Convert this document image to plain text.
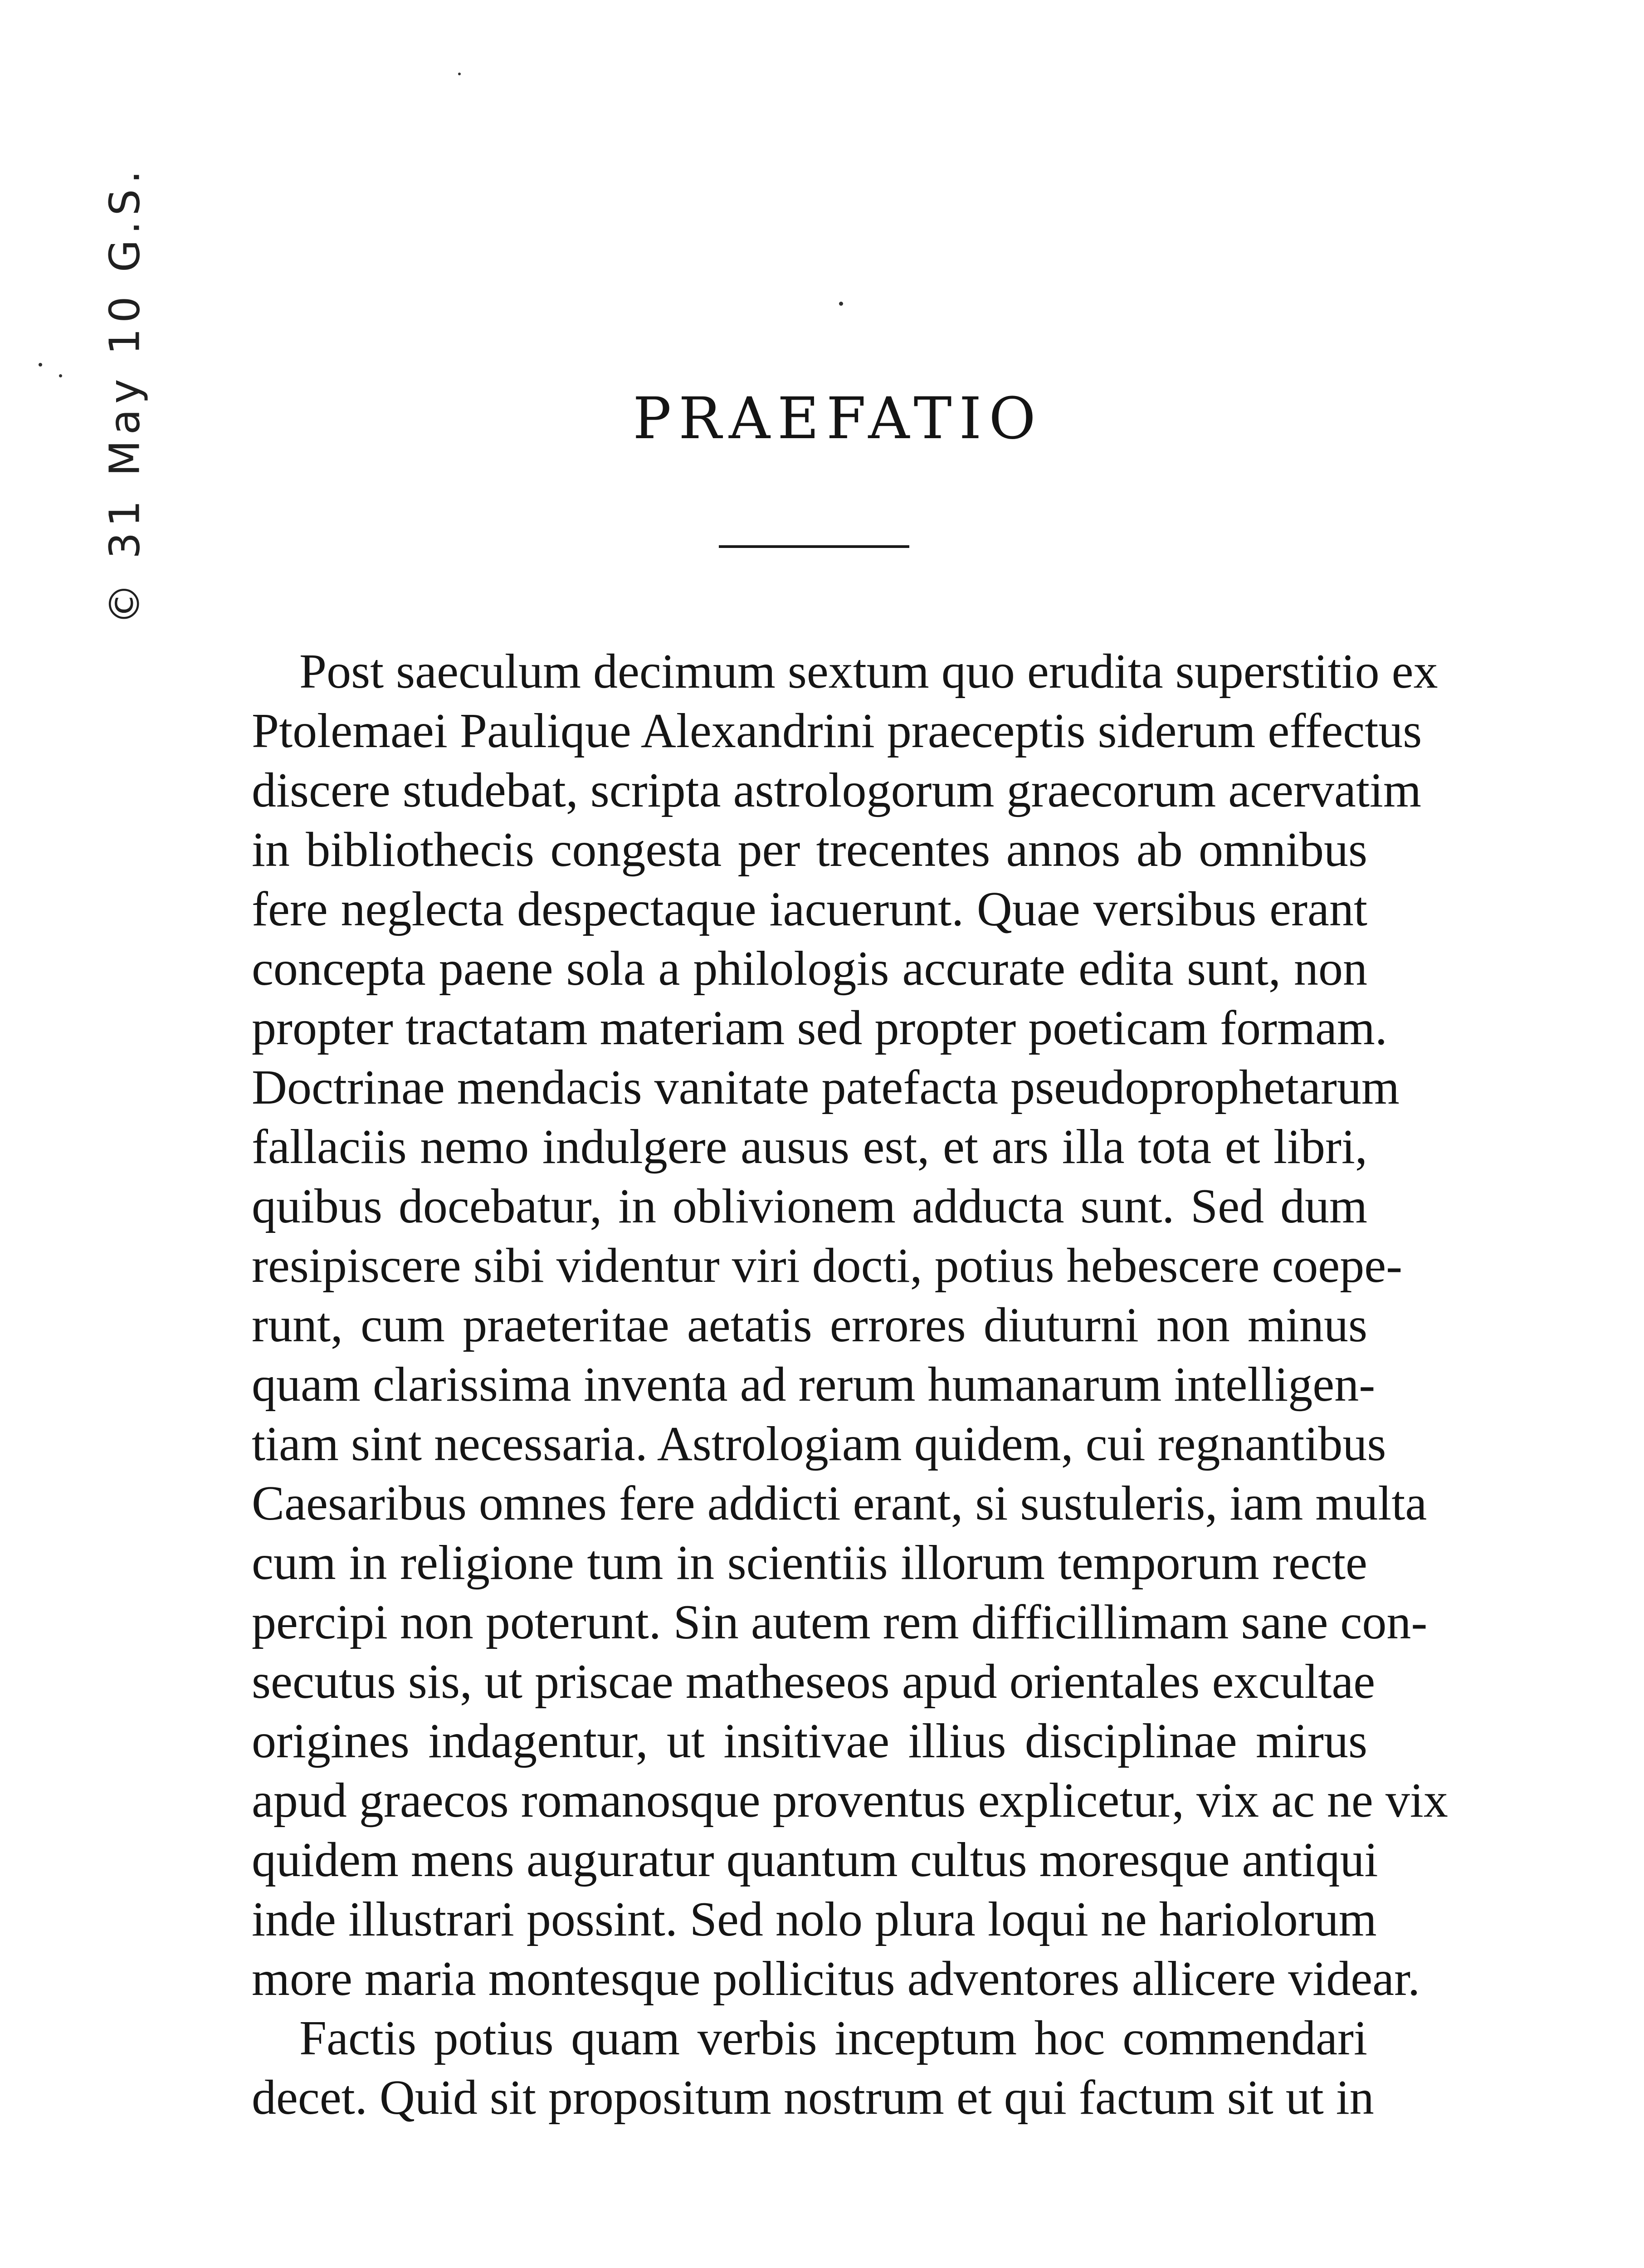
© 31 May 10 G.S.	PRAEFATIO
Post saeculum decimum sextum quo erudita superstitio ex
Ptolemaei Paulique Alexandrini praeceptis siderum effectus
discere studebat, scripta astrologorum graecorum acervatim
in bibliothecis congesta per trecentes annos ab omnibus
fere neglecta despectaque iacuerunt. Quae versibus erant
concepta paene sola a philologis accurate edita sunt, non
propter tractatam materiam sed propter poeticam formam.
Doctrinae mendacis vanitate patefacta pseudoprophetarum
fallaciis nemo indulgere ausus est, et ars illa tota et libri,
quibus docebatur, in oblivionem adducta sunt. Sed dum
resipiscere sibi videntur viri docti, potius hebescere coepe-
runt, cum praeteritae aetatis errores diuturni non minus
quam clarissima inventa ad rerum humanarum intelligen-
tiam sint necessaria. Astrologiam quidem, cui regnantibus
Caesaribus omnes fere addicti erant, si sustuleris, iam multa
cum in religione tum in scientiis illorum temporum recte
percipi non poterunt. Sin autem rem difficillimam sane con-
secutus sis, ut priscae matheseos apud orientales excultae
origines indagentur, ut insitivae illius disciplinae mirus
apud graecos romanosque proventus explicetur, vix ac ne vix
quidem mens auguratur quantum cultus moresque antiqui
inde illustrari possint. Sed nolo plura loqui ne hariolorum
more maria montesque pollicitus adventores allicere videar.
Factis potius quam verbis inceptum hoc commendari
decet. Quid sit propositum nostrum et qui factum sit ut in
